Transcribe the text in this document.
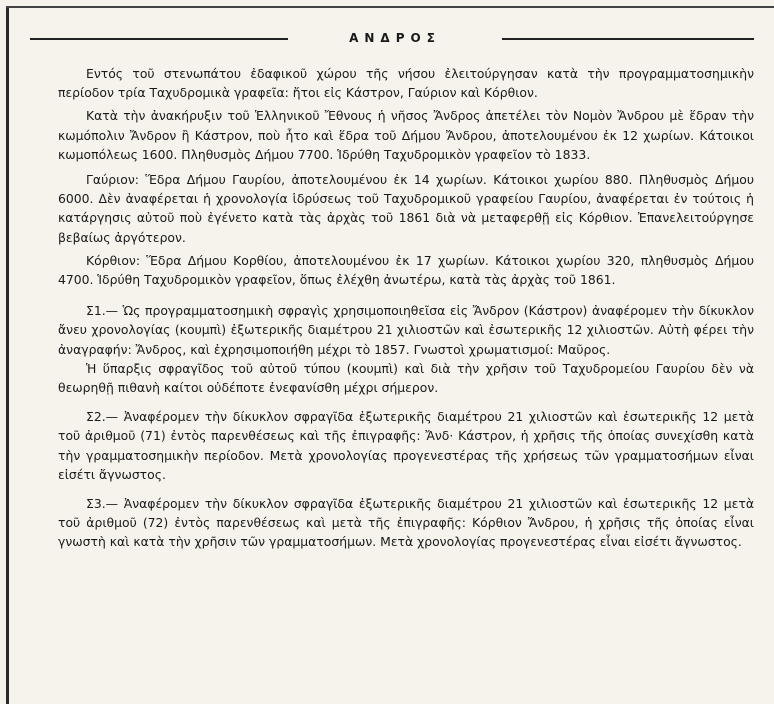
ΑΝΔΡΟΣ

Εντός τοῦ στενωπάτου ἐδαφικοῦ χώρου τῆς νήσου ἐλειτούργησαν κατὰ τὴν προγραμματοσημικὴν περίοδον τρία Ταχυδρομικὰ γραφεῖα: ἤτοι εἰς Κάστρον, Γαύριον καὶ Κόρθιον.

Κατὰ τὴν ἀνακήρυξιν τοῦ Ἑλληνικοῦ Ἔθνους ἡ νῆσος Ἄνδρος ἀπετέλει τὸν Νομὸν Ἄνδρου μὲ ἕδραν τὴν κωμόπολιν Ἄνδρον ἢ Κάστρον, ποὺ ἦτο καὶ ἕδρα τοῦ Δήμου Ἄνδρου, ἀποτελουμένου ἐκ 12 χωρίων. Κάτοικοι κωμοπόλεως 1600. Πληθυσμὸς Δήμου 7700. Ἱδρύθη Ταχυδρομικὸν γραφεῖον τὸ 1833.

Γαύριον: Ἕδρα Δήμου Γαυρίου, ἀποτελουμένου ἐκ 14 χωρίων. Κάτοικοι χωρίου 880. Πληθυσμὸς Δήμου 6000. Δὲν ἀναφέρεται ἡ χρονολογία ἱδρύσεως τοῦ Ταχυδρομικοῦ γραφείου Γαυρίου, ἀναφέρεται ἐν τούτοις ἡ κατάργησις αὐτοῦ ποὺ ἐγένετο κατὰ τὰς ἀρχὰς τοῦ 1861 διὰ νὰ μεταφερθῇ εἰς Κόρθιον. Ἐπανελειτούργησε βεβαίως ἀργότερον.

Κόρθιον: Ἕδρα Δήμου Κορθίου, ἀποτελουμένου ἐκ 17 χωρίων. Κάτοικοι χωρίου 320, πληθυσμὸς Δήμου 4700. Ἱδρύθη Ταχυδρομικὸν γραφεῖον, ὅπως ἐλέχθη ἀνωτέρω, κατὰ τὰς ἀρχὰς τοῦ 1861.

Σ1.— Ὡς προγραμματοσημικὴ σφραγὶς χρησιμοποιηθεῖσα εἰς Ἄνδρον (Κάστρον) ἀναφέρομεν τὴν δίκυκλον ἄνευ χρονολογίας (κουμπὶ) ἐξωτερικῆς διαμέτρου 21 χιλιοστῶν καὶ ἐσωτερικῆς 12 χιλιοστῶν. Αὐτὴ φέρει τὴν ἀναγραφήν: Ἄνδρος, καὶ ἐχρησιμοποιήθη μέχρι τὸ 1857. Γνωστοὶ χρωματισμοί: Μαῦρος.

Ἡ ὕπαρξις σφραγῖδος τοῦ αὐτοῦ τύπου (κουμπὶ) καὶ διὰ τὴν χρῆσιν τοῦ Ταχυδρομείου Γαυρίου δὲν νὰ θεωρηθῇ πιθανὴ καίτοι οὐδέποτε ἐνεφανίσθη μέχρι σήμερον.

Σ2.— Ἀναφέρομεν τὴν δίκυκλον σφραγῖδα ἐξωτερικῆς διαμέτρου 21 χιλιοστῶν καὶ ἐσωτερικῆς 12 μετὰ τοῦ ἀριθμοῦ (71) ἐντὸς παρενθέσεως καὶ τῆς ἐπιγραφῆς: Ἄνδ· Κάστρον, ἡ χρῆσις τῆς ὁποίας συνεχίσθη κατὰ τὴν γραμματοσημικὴν περίοδον. Μετὰ χρονολογίας προγενεστέρας τῆς χρήσεως τῶν γραμματοσήμων εἶναι εἰσέτι ἄγνωστος.

Σ3.— Ἀναφέρομεν τὴν δίκυκλον σφραγῖδα ἐξωτερικῆς διαμέτρου 21 χιλιοστῶν καὶ ἐσωτερικῆς 12 μετὰ τοῦ ἀριθμοῦ (72) ἐντὸς παρενθέσεως καὶ μετὰ τῆς ἐπιγραφῆς: Κόρθιον Ἄνδρου, ἡ χρῆσις τῆς ὁποίας εἶναι γνωστὴ καὶ κατὰ τὴν χρῆσιν τῶν γραμματοσήμων. Μετὰ χρονολογίας προγενεστέρας εἶναι εἰσέτι ἄγνωστος.
